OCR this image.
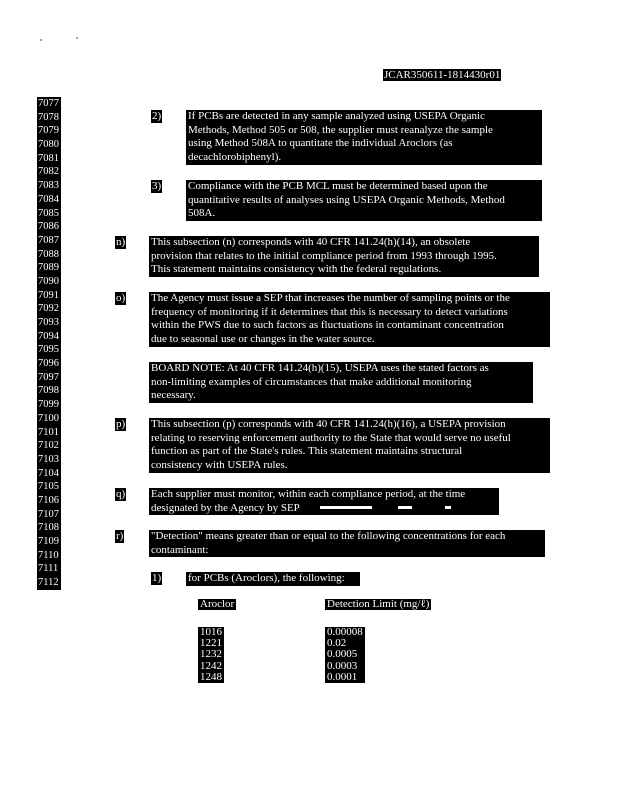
JCAR350611-1814430r01
7077
7078
7079
7080
7081
7082
7083
7084
7085
7086
7087
7088
7089
7090
7091
7092
7093
7094
7095
7096
7097
7098
7099
7100
7101
7102
7103
7104
7105
7106
7107
7108
7109
7110
7111
7112
2) If PCBs are detected in any sample analyzed using USEPA Organic
Methods, Method 505 or 508, the supplier must reanalyze the sample
using Method 508A to quantitate the individual Aroclors (as
decachlorobiphenyl).
3) Compliance with the PCB MCL must be determined based upon the
quantitative results of analyses using USEPA Organic Methods, Method
508A.
n) This subsection (n) corresponds with 40 CFR 141.24(h)(14), an obsolete
provision that relates to the initial compliance period from 1993 through 1995.
This statement maintains consistency with the federal regulations.
o) The Agency must issue a SEP that increases the number of sampling points or the
frequency of monitoring if it determines that this is necessary to detect variations
within the PWS due to such factors as fluctuations in contaminant concentration
due to seasonal use or changes in the water source.
BOARD NOTE: At 40 CFR 141.24(h)(15), USEPA uses the stated factors as
non-limiting examples of circumstances that make additional monitoring
necessary.
p) This subsection (p) corresponds with 40 CFR 141.24(h)(16), a USEPA provision
relating to reserving enforcement authority to the State that would serve no useful
function as part of the State's rules. This statement maintains structural
consistency with USEPA rules.
q) Each supplier must monitor, within each compliance period, at the time
designated by the Agency by SEP
r)	"Detection" means greater than or equal to the following concentrations for each
contaminant:
1) for PCBs (Aroclors), the following:
Aroclor	Detection Limit (mg/ℓ)
1016
1221
1232
1242
1248
0.00008
0.02
0.0005
0.0003
0.0001
